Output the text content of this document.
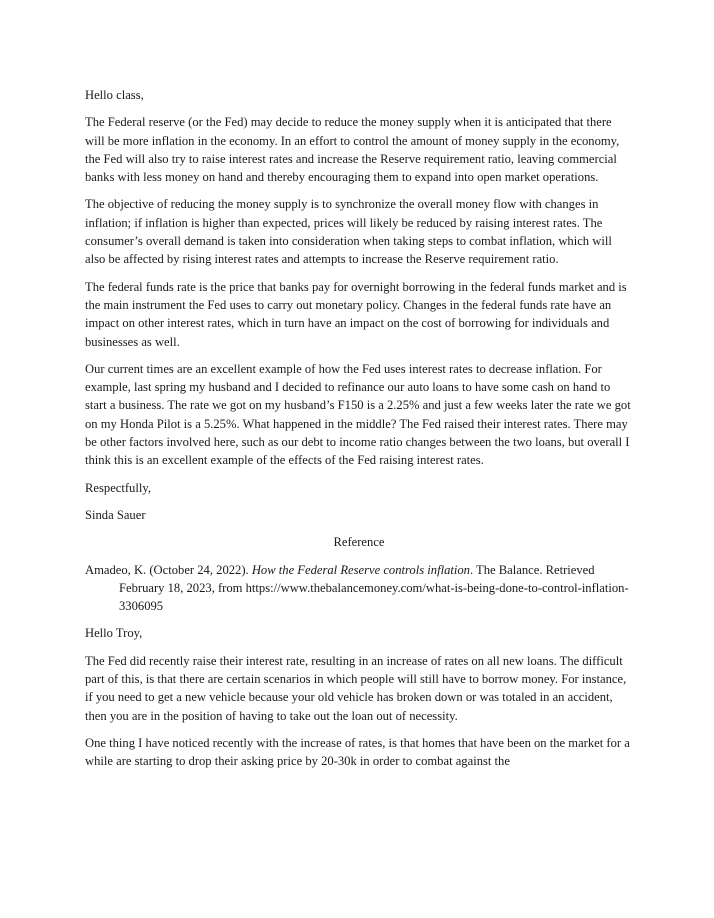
Hello class,

The Federal reserve (or the Fed) may decide to reduce the money supply when it is anticipated that there will be more inflation in the economy. In an effort to control the amount of money supply in the economy, the Fed will also try to raise interest rates and increase the Reserve requirement ratio, leaving commercial banks with less money on hand and thereby encouraging them to expand into open market operations.

The objective of reducing the money supply is to synchronize the overall money flow with changes in inflation; if inflation is higher than expected, prices will likely be reduced by raising interest rates. The consumer’s overall demand is taken into consideration when taking steps to combat inflation, which will also be affected by rising interest rates and attempts to increase the Reserve requirement ratio.

The federal funds rate is the price that banks pay for overnight borrowing in the federal funds market and is the main instrument the Fed uses to carry out monetary policy. Changes in the federal funds rate have an impact on other interest rates, which in turn have an impact on the cost of borrowing for individuals and businesses as well.

Our current times are an excellent example of how the Fed uses interest rates to decrease inflation. For example, last spring my husband and I decided to refinance our auto loans to have some cash on hand to start a business. The rate we got on my husband’s F150 is a 2.25% and just a few weeks later the rate we got on my Honda Pilot is a 5.25%. What happened in the middle? The Fed raised their interest rates. There may be other factors involved here, such as our debt to income ratio changes between the two loans, but overall I think this is an excellent example of the effects of the Fed raising interest rates.

Respectfully,

Sinda Sauer

Reference

Amadeo, K. (October 24, 2022). How the Federal Reserve controls inflation. The Balance. Retrieved February 18, 2023, from https://www.thebalancemoney.com/what-is-being-done-to-control-inflation-3306095

Hello Troy,

The Fed did recently raise their interest rate, resulting in an increase of rates on all new loans. The difficult part of this, is that there are certain scenarios in which people will still have to borrow money. For instance, if you need to get a new vehicle because your old vehicle has broken down or was totaled in an accident, then you are in the position of having to take out the loan out of necessity.

One thing I have noticed recently with the increase of rates, is that homes that have been on the market for a while are starting to drop their asking price by 20-30k in order to combat against the
